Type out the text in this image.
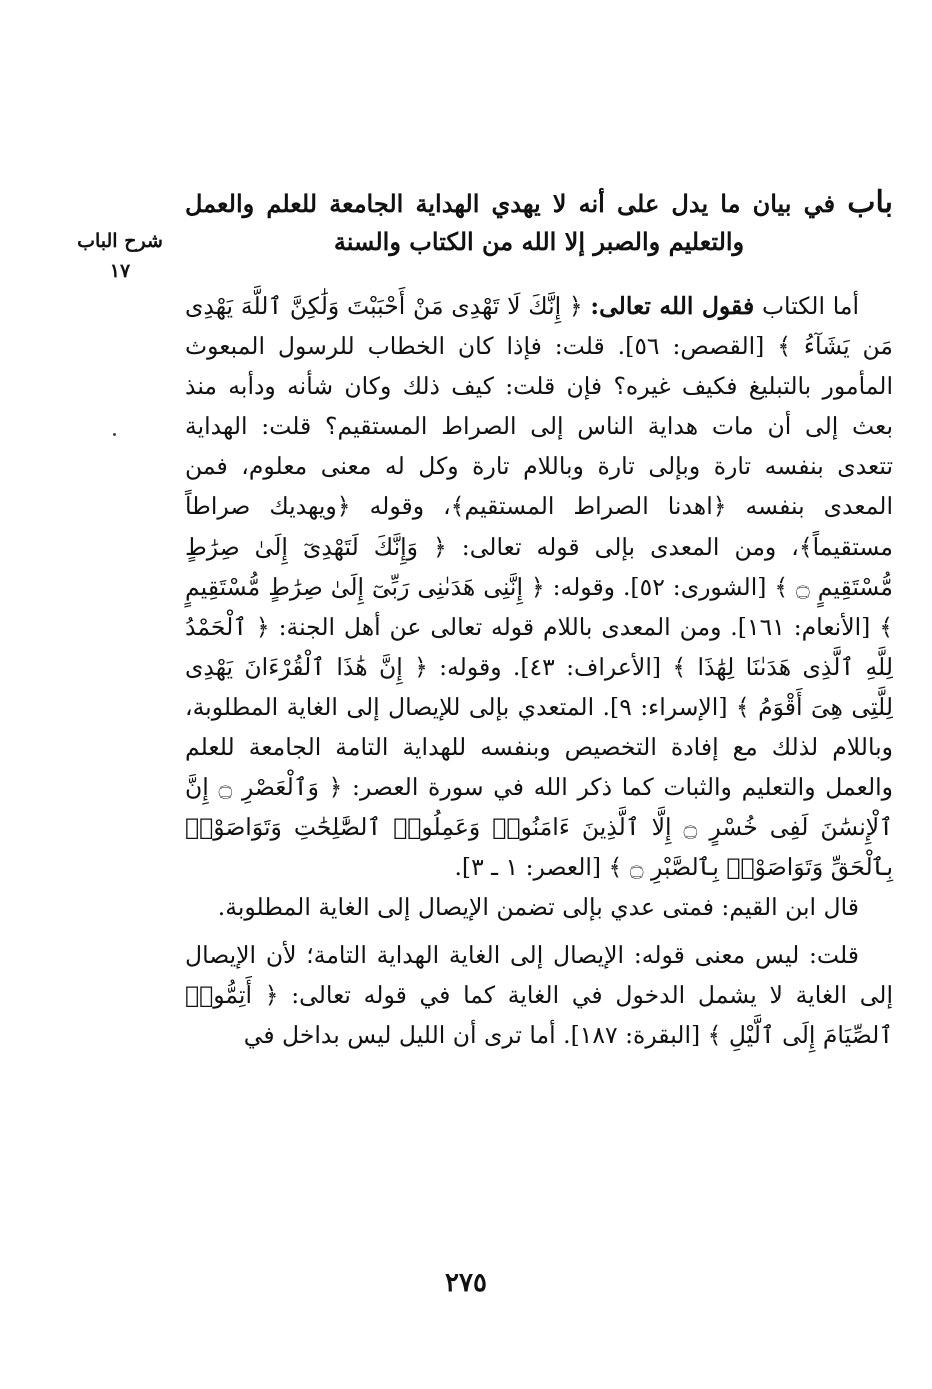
شرح الباب
١٧
باب في بيان ما يدل على أنه لا يهدي الهداية الجامعة للعلم والعمل والتعليم والصبر إلا الله من الكتاب والسنة

أما الكتاب فقول الله تعالى: ﴿ إِنَّكَ لَا تَهْدِى مَنْ أَحْبَبْتَ وَلَٰكِنَّ ٱللَّهَ يَهْدِى مَن يَشَآءُ ﴾ [القصص: ٥٦]. قلت: فإذا كان الخطاب للرسول المبعوث المأمور بالتبليغ فكيف غيره؟ فإن قلت: كيف ذلك وكان شأنه ودأبه منذ بعث إلى أن مات هداية الناس إلى الصراط المستقيم؟ قلت: الهداية تتعدى بنفسه تارة وبإلى تارة وباللام تارة وكل له معنى معلوم، فمن المعدى بنفسه ﴿اهدنا الصراط المستقيم﴾، وقوله ﴿ويهديك صراطاً مستقيماً﴾، ومن المعدى بإلى قوله تعالى: ﴿ وَإِنَّكَ لَتَهْدِىٓ إِلَىٰ صِرَٰطٍ مُّسْتَقِيمٍ ۝ ﴾ [الشورى: ٥٢]. وقوله: ﴿ إِنَّنِى هَدَىٰنِى رَبِّىٓ إِلَىٰ صِرَٰطٍ مُّسْتَقِيمٍ ﴾ [الأنعام: ١٦١]. ومن المعدى باللام قوله تعالى عن أهل الجنة: ﴿ ٱلْحَمْدُ لِلَّهِ ٱلَّذِى هَدَىٰنَا لِهَٰذَا ﴾ [الأعراف: ٤٣]. وقوله: ﴿ إِنَّ هَٰذَا ٱلْقُرْءَانَ يَهْدِى لِلَّتِى هِىَ أَقْوَمُ ﴾ [الإسراء: ٩]. المتعدي بإلى للإيصال إلى الغاية المطلوبة، وباللام لذلك مع إفادة التخصيص وبنفسه للهداية التامة الجامعة للعلم والعمل والتعليم والثبات كما ذكر الله في سورة العصر: ﴿ وَٱلْعَصْرِ ۝ إِنَّ ٱلْإِنسَٰنَ لَفِى خُسْرٍ ۝ إِلَّا ٱلَّذِينَ ءَامَنُوا۟ وَعَمِلُوا۟ ٱلصَّٰلِحَٰتِ وَتَوَاصَوْا۟ بِٱلْحَقِّ وَتَوَاصَوْا۟ بِٱلصَّبْرِ ۝ ﴾ [العصر: ١ ـ ٣].

قال ابن القيم: فمتى عدي بإلى تضمن الإيصال إلى الغاية المطلوبة.

قلت: ليس معنى قوله: الإيصال إلى الغاية الهداية التامة؛ لأن الإيصال إلى الغاية لا يشمل الدخول في الغاية كما في قوله تعالى: ﴿ أَتِمُّوا۟ ٱلصِّيَامَ إِلَى ٱلَّيْلِ ﴾ [البقرة: ١٨٧]. أما ترى أن الليل ليس بداخل في

٢٧٥
